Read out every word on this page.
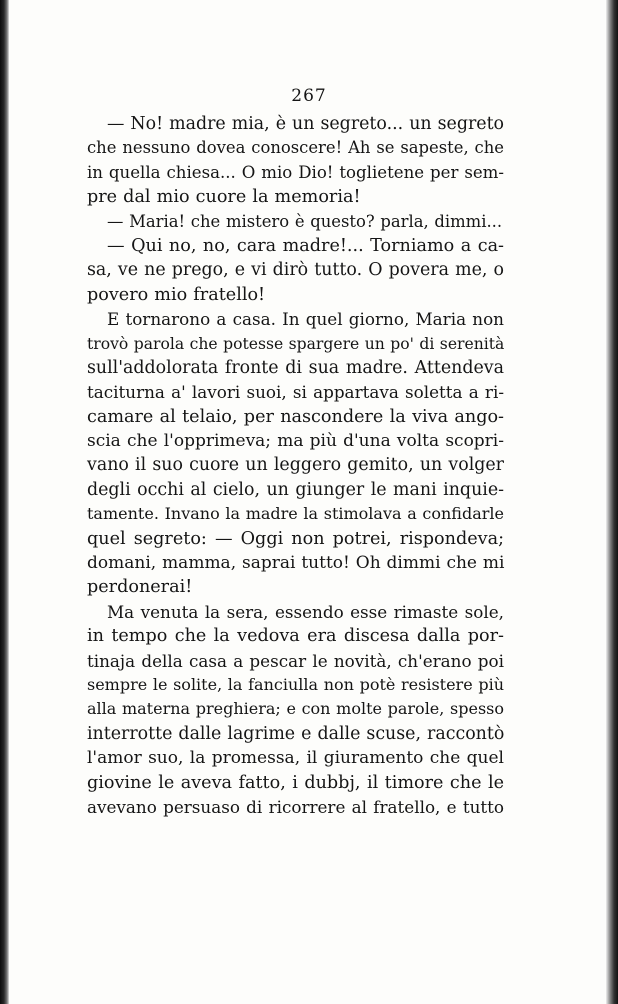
267
— No! madre mia, è un segreto... un segreto
che nessuno dovea conoscere! Ah se sapeste, che
in quella chiesa... O mio Dio! toglietene per sem-
pre dal mio cuore la memoria!
— Maria! che mistero è questo? parla, dimmi...
— Qui no, no, cara madre!... Torniamo a ca-
sa, ve ne prego, e vi dirò tutto. O povera me, o
povero mio fratello!
E tornarono a casa. In quel giorno, Maria non
trovò parola che potesse spargere un po' di serenità
sull'addolorata fronte di sua madre. Attendeva
taciturna a' lavori suoi, si appartava soletta a ri-
camare al telaio, per nascondere la viva ango-
scia che l'opprimeva; ma più d'una volta scopri-
vano il suo cuore un leggero gemito, un volger
degli occhi al cielo, un giunger le mani inquie-
tamente. Invano la madre la stimolava a confidarle
quel segreto: — Oggi non potrei, rispondeva;
domani, mamma, saprai tutto! Oh dimmi che mi
perdonerai!
Ma venuta la sera, essendo esse rimaste sole,
in tempo che la vedova era discesa dalla por-
tinaja della casa a pescar le novità, ch'erano poi
sempre le solite, la fanciulla non potè resistere più
alla materna preghiera; e con molte parole, spesso
interrotte dalle lagrime e dalle scuse, raccontò
l'amor suo, la promessa, il giuramento che quel
giovine le aveva fatto, i dubbj, il timore che le
avevano persuaso di ricorrere al fratello, e tutto
